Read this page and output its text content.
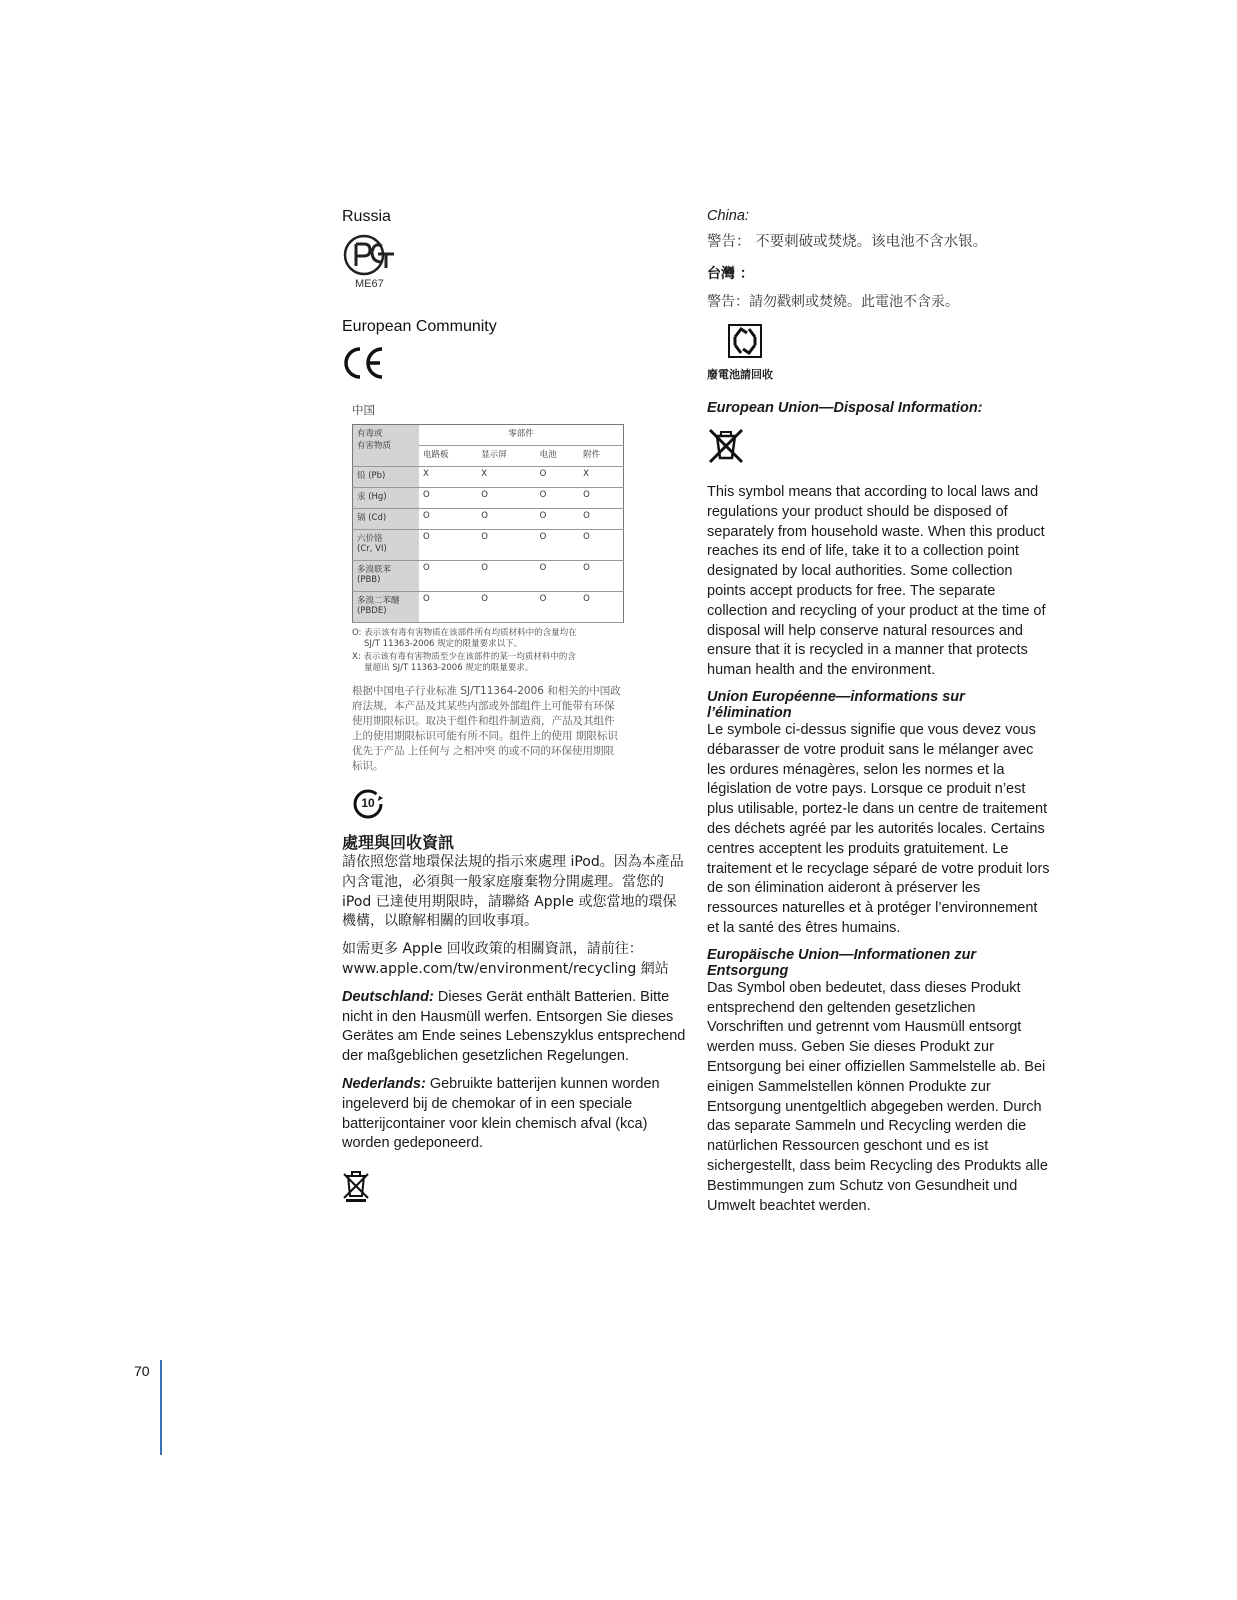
Russia
ME67
European Community
中国
有毒或
有害物质	零部件			
	电路板	显示屏	电池	附件

铅 (Pb)	X	X	O	X

汞 (Hg)	O	O	O	O

镉 (Cd)	O	O	O	O

六价铬
(Cr, VI)	O	O	O	O

多溴联苯
(PBB)	O	O	O	O

多溴二苯醚
(PBDE)	O	O	O	O
O: 表示该有毒有害物质在该部件所有均质材料中的含量均在
SJ/T 11363-2006 规定的限量要求以下。
X: 表示该有毒有害物质至少在该部件的某一均质材料中的含
量超出 SJ/T 11363-2006 规定的限量要求。
根据中国电子行业标准 SJ/T11364-2006 和相关的中国政府法规，本产品及其某些内部或外部组件上可能带有环保使用期限标识。取决于组件和组件制造商，产品及其组件上的使用期限标识可能有所不同。组件上的使用 期限标识 优先于产品 上任何与 之相冲突 的或不同的环保使用期限标识。
10
處理與回收資訊

請依照您當地環保法規的指示來處理 iPod。因為本產品內含電池，必須與一般家庭廢棄物分開處理。當您的 iPod 已達使用期限時，請聯絡 Apple 或您當地的環保機構，以瞭解相關的回收事項。

如需更多 Apple 回收政策的相關資訊，請前往： www.apple.com/tw/environment/recycling 網站

Deutschland: Dieses Gerät enthält Batterien. Bitte nicht in den Hausmüll werfen. Entsorgen Sie dieses Gerätes am Ende seines Lebenszyklus entsprechend der maßgeblichen gesetzlichen Regelungen.

Nederlands: Gebruikte batterijen kunnen worden ingeleverd bij de chemokar of in een speciale batterijcontainer voor klein chemisch afval (kca) worden gedeponeerd.

China:
警告： 不要刺破或焚烧。该电池不含水银。
台灣 ：
警告：請勿戳刺或焚燒。此電池不含汞。
廢電池請回收
European Union—Disposal Information:

This symbol means that according to local laws and regulations your product should be disposed of separately from household waste. When this product reaches its end of life, take it to a collection point designated by local authorities. Some collection points accept products for free. The separate collection and recycling of your product at the time of disposal will help conserve natural resources and ensure that it is recycled in a manner that protects human health and the environment.

Union Européenne—informations sur l’élimination

Le symbole ci-dessus signifie que vous devez vous débarasser de votre produit sans le mélanger avec les ordures ménagères, selon les normes et la législation de votre pays. Lorsque ce produit n’est plus utilisable, portez-le dans un centre de traitement des déchets agréé par les autorités locales. Certains centres acceptent les produits gratuitement. Le traitement et le recyclage séparé de votre produit lors de son élimination aideront à préserver les ressources naturelles et à protéger l’environnement et la santé des êtres humains.

Europäische Union—Informationen zur Entsorgung

Das Symbol oben bedeutet, dass dieses Produkt entsprechend den geltenden gesetzlichen Vorschriften und getrennt vom Hausmüll entsorgt werden muss. Geben Sie dieses Produkt zur Entsorgung bei einer offiziellen Sammelstelle ab. Bei einigen Sammelstellen können Produkte zur Entsorgung unentgeltlich abgegeben werden. Durch das separate Sammeln und Recycling werden die natürlichen Ressourcen geschont und es ist sichergestellt, dass beim Recycling des Produkts alle Bestimmungen zum Schutz von Gesundheit und Umwelt beachtet werden.

70
